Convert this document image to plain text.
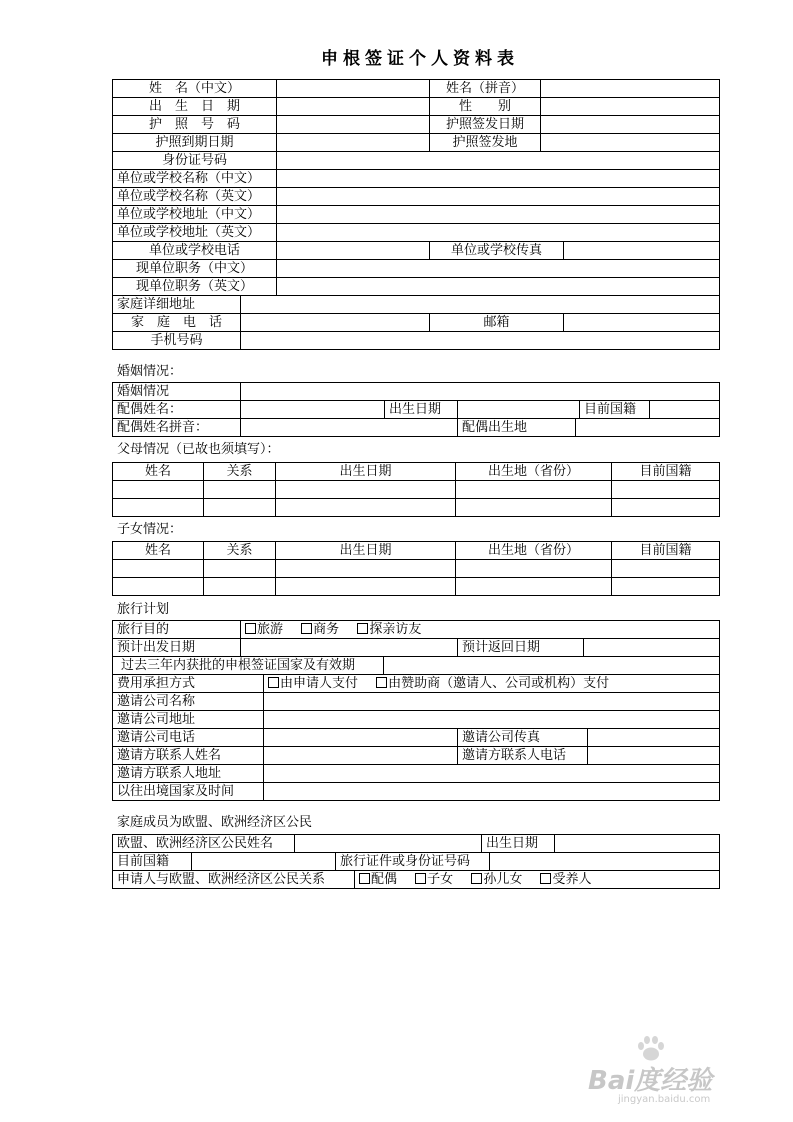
申根签证个人资料表
姓　名（中文）	姓名（拼音）
出　生　日　期	性　　别
护　照　号　码	护照签发日期
护照到期日期	护照签发地
身份证号码
单位或学校名称（中文）
单位或学校名称（英文）
单位或学校地址（中文）
单位或学校地址（英文）
单位或学校电话	单位或学校传真
现单位职务（中文）
现单位职务（英文）
家庭详细地址
家　庭　电　话	邮箱
手机号码
婚姻情况：
婚姻情况
配偶姓名：	出生日期	目前国籍
配偶姓名拼音：	配偶出生地
父母情况（已故也须填写）：
姓名	关系	出生日期	出生地（省份）	目前国籍
子女情况：
姓名	关系	出生日期	出生地（省份）	目前国籍
旅行计划
旅行目的	旅游 商务 探亲访友
预计出发日期	预计返回日期
过去三年内获批的申根签证国家及有效期
费用承担方式	由申请人支付 由赞助商（邀请人、公司或机构）支付
邀请公司名称
邀请公司地址
邀请公司电话	邀请公司传真
邀请方联系人姓名	邀请方联系人电话
邀请方联系人地址
以往出境国家及时间
家庭成员为欧盟、欧洲经济区公民
欧盟、欧洲经济区公民姓名	出生日期
目前国籍	旅行证件或身份证号码
申请人与欧盟、欧洲经济区公民关系	配偶 子女 孙儿女 受养人
Bai度经验
jingyan.baidu.com
